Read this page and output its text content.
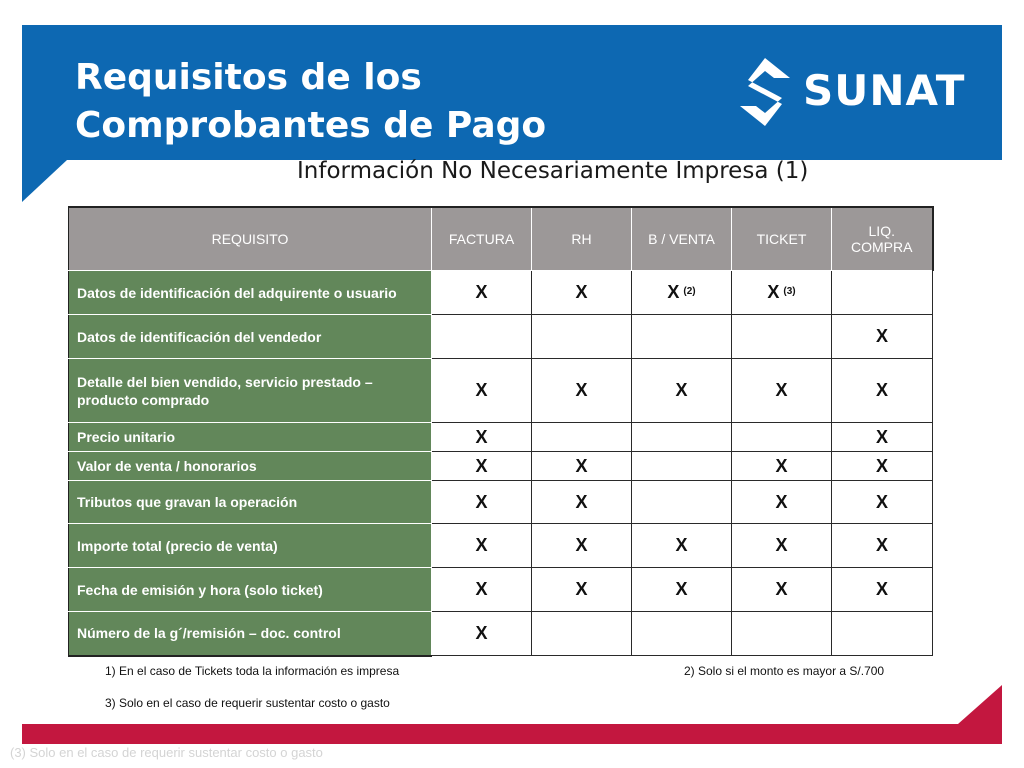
Requisitos de los
Comprobantes de Pago
SUNAT
Información No Necesariamente Impresa (1)
REQUISITO	FACTURA	RH	B / VENTA	TICKET	LIQ. COMPRA
Datos de identificación del adquirente o usuario	X	X	X $^{(2)}$	X $^{(3)}$	
Datos de identificación del vendedor					X
Detalle del bien vendido, servicio prestado – producto comprado	X	X	X	X	X
Precio unitario	X				X
Valor de venta / honorarios	X	X		X	X
Tributos que gravan la operación	X	X		X	X
Importe total (precio de venta)	X	X	X	X	X
Fecha de emisión y hora (solo ticket)	X	X	X	X	X
Número de la g´/remisión – doc. control	X				

1) En el caso de Tickets toda la información es impresa	2) Solo si el monto es mayor a S/.700

3) Solo en el caso de requerir sustentar costo o gasto

(3) Solo en el caso de requerir sustentar costo o gasto
